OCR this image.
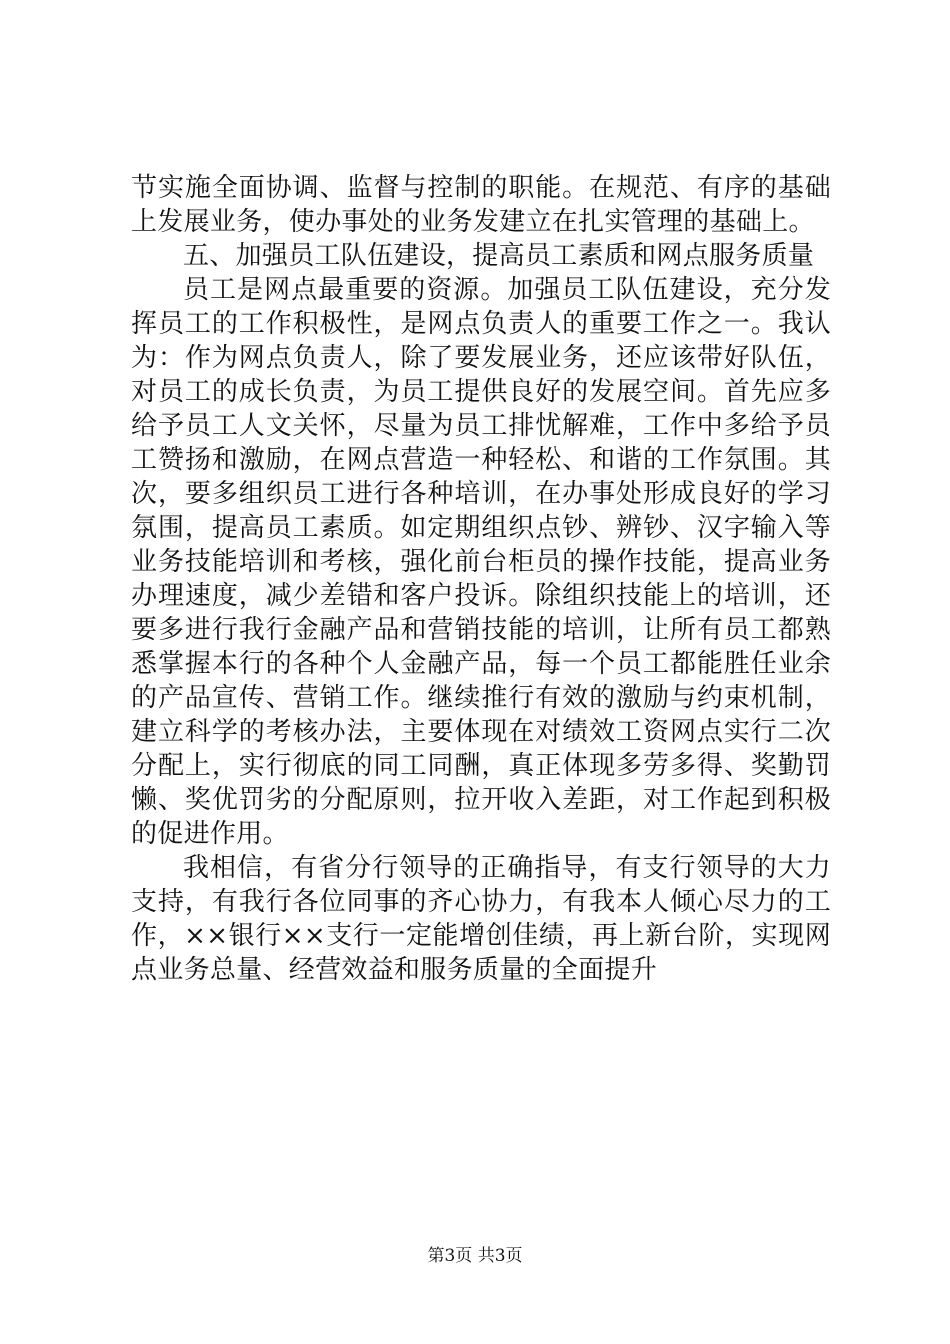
节实施全面协调、监督与控制的职能。在规范、有序的基础上发展业务，使办事处的业务发建立在扎实管理的基础上。

五、加强员工队伍建设，提高员工素质和网点服务质量

员工是网点最重要的资源。加强员工队伍建设，充分发挥员工的工作积极性，是网点负责人的重要工作之一。我认为：作为网点负责人，除了要发展业务，还应该带好队伍，对员工的成长负责，为员工提供良好的发展空间。首先应多给予员工人文关怀，尽量为员工排忧解难，工作中多给予员工赞扬和激励，在网点营造一种轻松、和谐的工作氛围。其次，要多组织员工进行各种培训，在办事处形成良好的学习氛围，提高员工素质。如定期组织点钞、辨钞、汉字输入等业务技能培训和考核，强化前台柜员的操作技能，提高业务办理速度，减少差错和客户投诉。除组织技能上的培训，还要多进行我行金融产品和营销技能的培训，让所有员工都熟悉掌握本行的各种个人金融产品，每一个员工都能胜任业余的产品宣传、营销工作。继续推行有效的激励与约束机制，建立科学的考核办法，主要体现在对绩效工资网点实行二次分配上，实行彻底的同工同酬，真正体现多劳多得、奖勤罚懒、奖优罚劣的分配原则，拉开收入差距，对工作起到积极的促进作用。

我相信，有省分行领导的正确指导，有支行领导的大力支持，有我行各位同事的齐心协力，有我本人倾心尽力的工作，××银行××支行一定能增创佳绩，再上新台阶，实现网点业务总量、经营效益和服务质量的全面提升

第3页 共3页
